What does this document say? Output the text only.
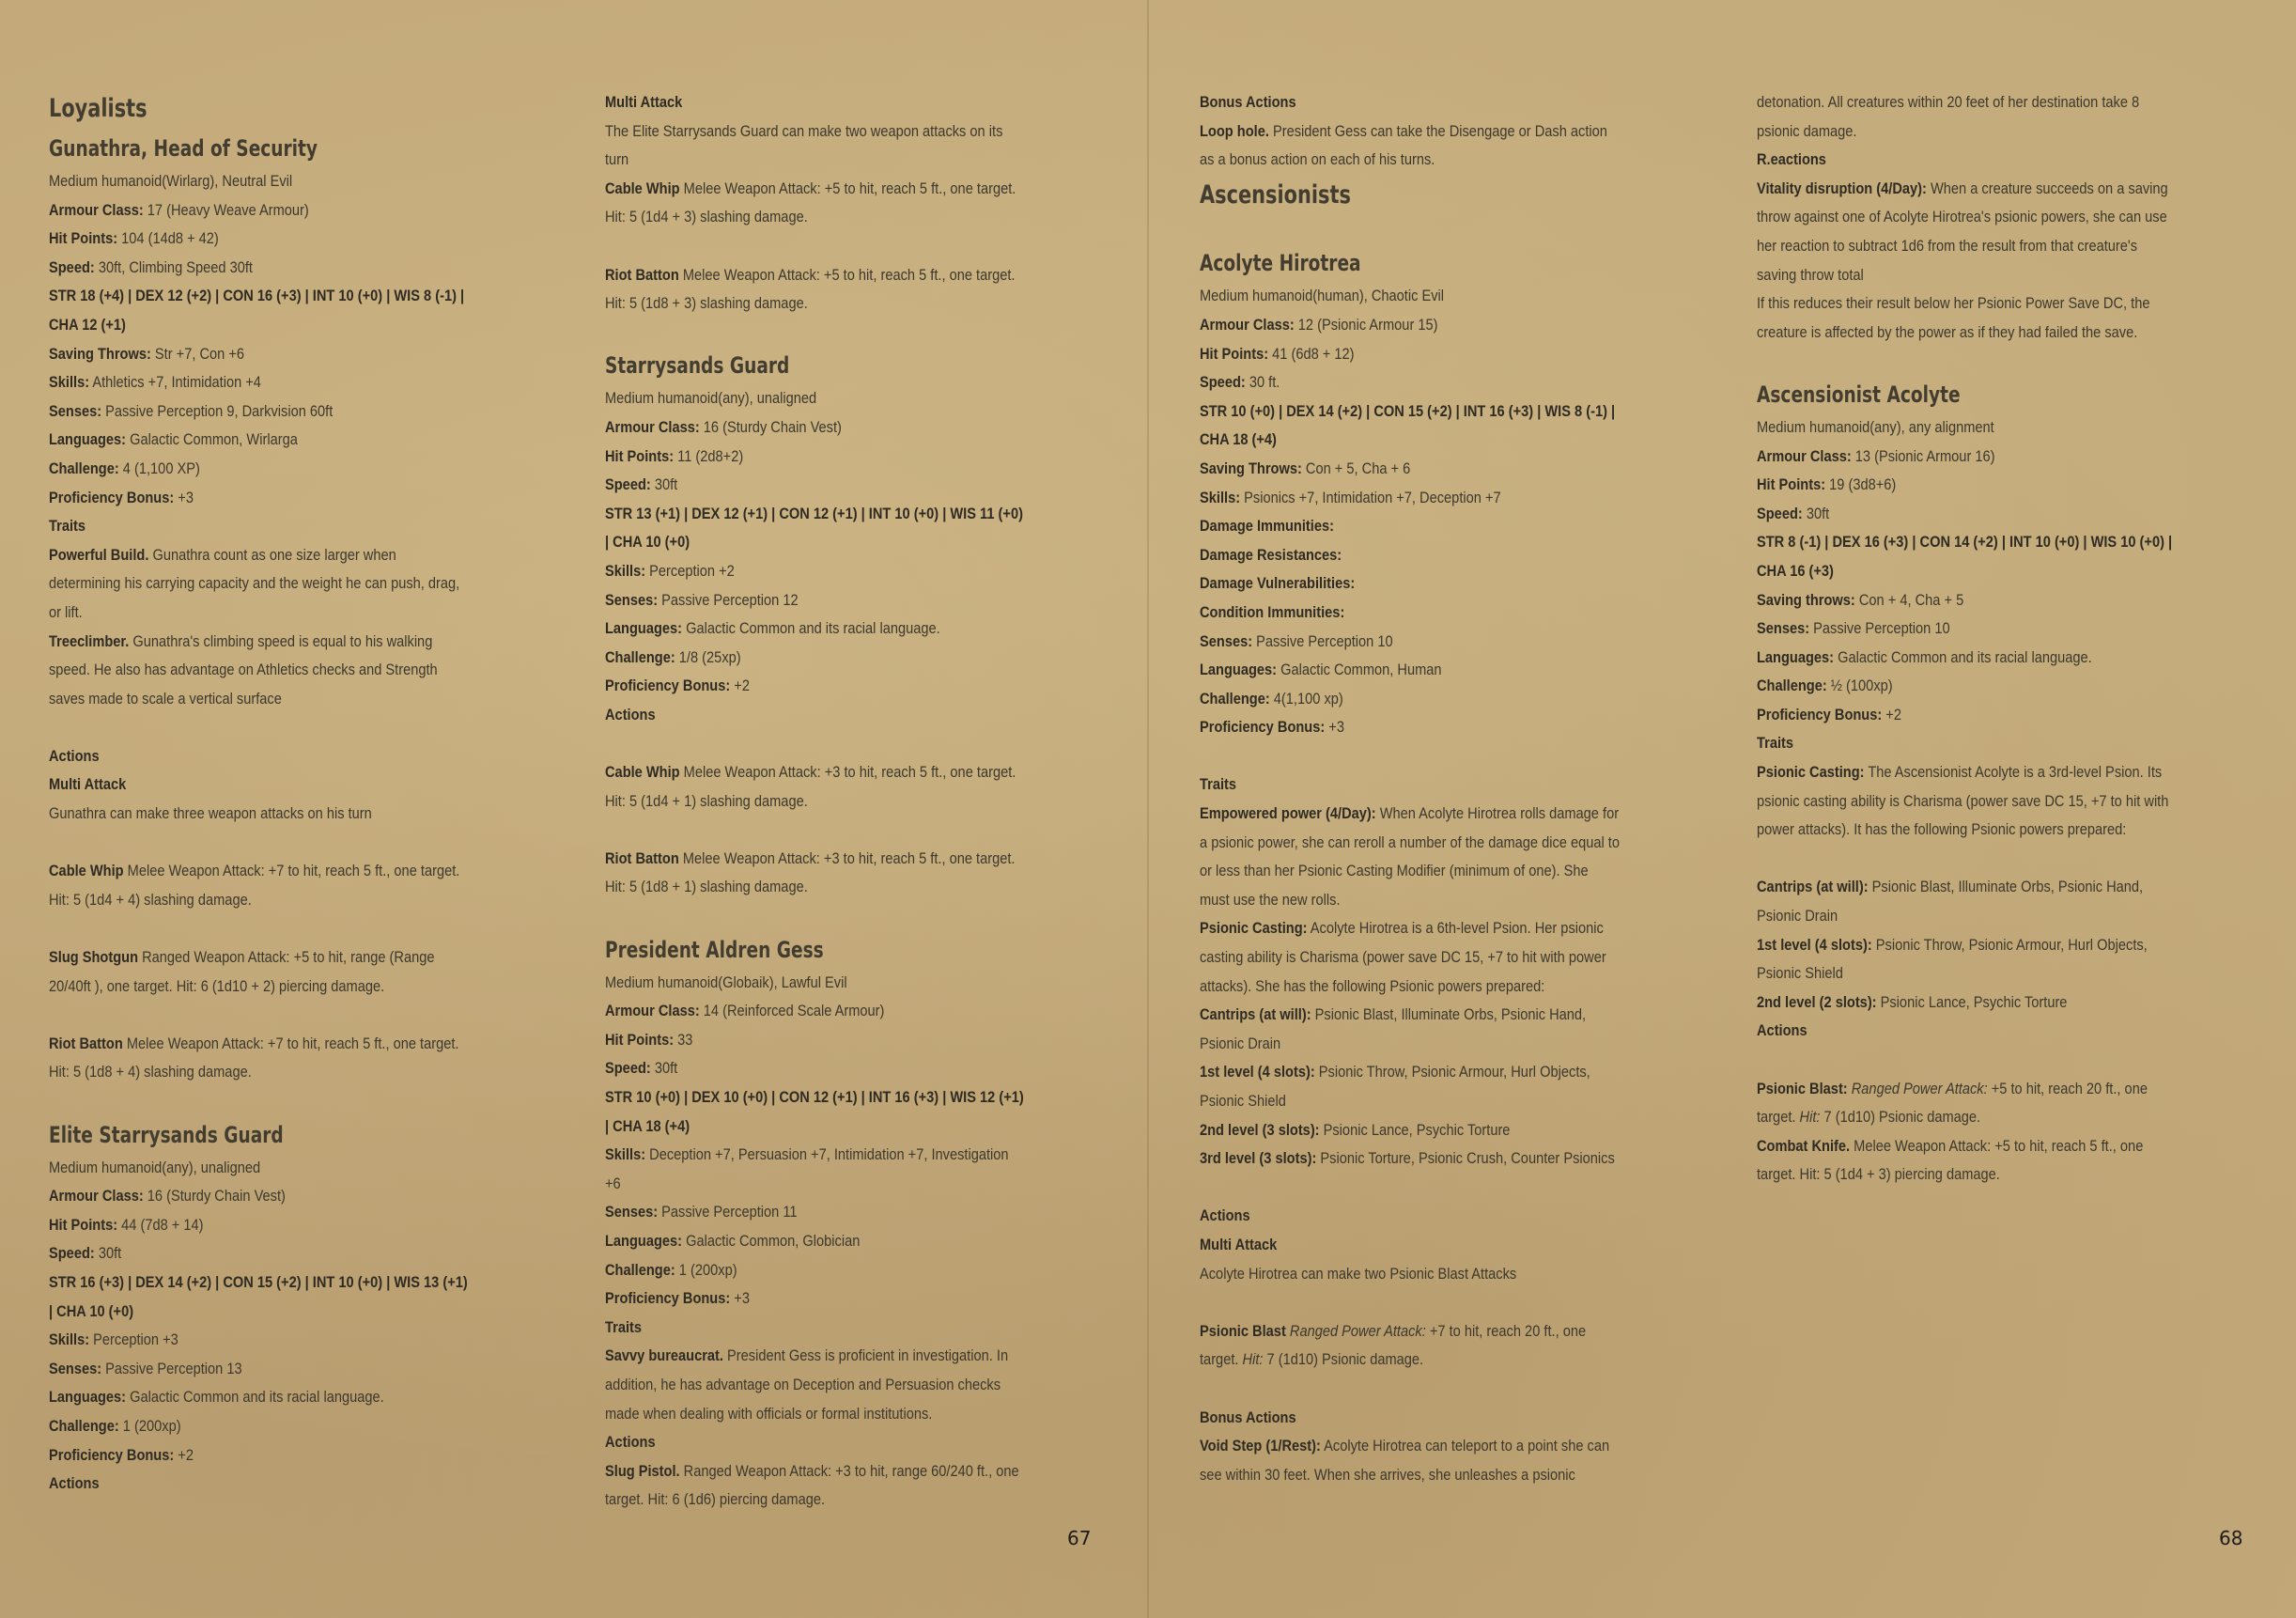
Loyalists
Gunathra, Head of Security
Medium humanoid(Wirlarg), Neutral Evil
Armour Class: 17 (Heavy Weave Armour)
Hit Points: 104 (14d8 + 42)
Speed: 30ft, Climbing Speed 30ft
STR 18 (+4) | DEX 12 (+2) | CON 16 (+3) | INT 10 (+0) | WIS 8 (-1) | CHA 12 (+1)
Saving Throws: Str +7, Con +6
Skills: Athletics +7, Intimidation +4
Senses: Passive Perception 9, Darkvision 60ft
Languages: Galactic Common, Wirlarga
Challenge: 4 (1,100 XP)
Proficiency Bonus: +3
Traits
Powerful Build. Gunathra count as one size larger when determining his carrying capacity and the weight he can push, drag, or lift.
Treeclimber. Gunathra's climbing speed is equal to his walking speed. He also has advantage on Athletics checks and Strength saves made to scale a vertical surface
Actions
Multi Attack
Gunathra can make three weapon attacks on his turn
Cable Whip Melee Weapon Attack: +7 to hit, reach 5 ft., one target. Hit: 5 (1d4 + 4) slashing damage.
Slug Shotgun Ranged Weapon Attack: +5 to hit, range (Range 20/40ft ), one target. Hit: 6 (1d10 + 2) piercing damage.
Riot Batton Melee Weapon Attack: +7 to hit, reach 5 ft., one target. Hit: 5 (1d8 + 4) slashing damage.
Elite Starrysands Guard
Medium humanoid(any), unaligned
Armour Class: 16 (Sturdy Chain Vest)
Hit Points: 44 (7d8 + 14)
Speed: 30ft
STR 16 (+3) | DEX 14 (+2) | CON 15 (+2) | INT 10 (+0) | WIS 13 (+1) | CHA 10 (+0)
Skills: Perception +3
Senses: Passive Perception 13
Languages: Galactic Common and its racial language.
Challenge: 1 (200xp)
Proficiency Bonus: +2
Actions
Multi Attack
The Elite Starrysands Guard can make two weapon attacks on its turn
Cable Whip Melee Weapon Attack: +5 to hit, reach 5 ft., one target. Hit: 5 (1d4 + 3) slashing damage.
Riot Batton Melee Weapon Attack: +5 to hit, reach 5 ft., one target. Hit: 5 (1d8 + 3) slashing damage.
Starrysands Guard
Medium humanoid(any), unaligned
Armour Class: 16 (Sturdy Chain Vest)
Hit Points: 11 (2d8+2)
Speed: 30ft
STR 13 (+1) | DEX 12 (+1) | CON 12 (+1) | INT 10 (+0) | WIS 11 (+0) | CHA 10 (+0)
Skills: Perception +2
Senses: Passive Perception 12
Languages: Galactic Common and its racial language.
Challenge: 1/8 (25xp)
Proficiency Bonus: +2
Actions
Cable Whip Melee Weapon Attack: +3 to hit, reach 5 ft., one target. Hit: 5 (1d4 + 1) slashing damage.
Riot Batton Melee Weapon Attack: +3 to hit, reach 5 ft., one target. Hit: 5 (1d8 + 1) slashing damage.
President Aldren Gess
Medium humanoid(Globaik), Lawful Evil
Armour Class: 14 (Reinforced Scale Armour)
Hit Points: 33
Speed: 30ft
STR 10 (+0) | DEX 10 (+0) | CON 12 (+1) | INT 16 (+3) | WIS 12 (+1) | CHA 18 (+4)
Skills: Deception +7, Persuasion +7, Intimidation +7, Investigation +6
Senses: Passive Perception 11
Languages: Galactic Common, Globician
Challenge: 1 (200xp)
Proficiency Bonus: +3
Traits
Savvy bureaucrat. President Gess is proficient in investigation. In addition, he has advantage on Deception and Persuasion checks made when dealing with officials or formal institutions.
Actions
Slug Pistol. Ranged Weapon Attack: +3 to hit, range 60/240 ft., one target. Hit: 6 (1d6) piercing damage.
Bonus Actions
Loop hole. President Gess can take the Disengage or Dash action as a bonus action on each of his turns.
Ascensionists
Acolyte Hirotrea
Medium humanoid(human), Chaotic Evil
Armour Class: 12 (Psionic Armour 15)
Hit Points: 41 (6d8 + 12)
Speed: 30 ft.
STR 10 (+0) | DEX 14 (+2) | CON 15 (+2) | INT 16 (+3) | WIS 8 (-1) | CHA 18 (+4)
Saving Throws: Con + 5, Cha + 6
Skills: Psionics +7, Intimidation +7, Deception +7
Damage Immunities:
Damage Resistances:
Damage Vulnerabilities:
Condition Immunities:
Senses: Passive Perception 10
Languages: Galactic Common, Human
Challenge: 4(1,100 xp)
Proficiency Bonus: +3
Traits
Empowered power (4/Day): When Acolyte Hirotrea rolls damage for a psionic power, she can reroll a number of the damage dice equal to or less than her Psionic Casting Modifier (minimum of one). She must use the new rolls.
Psionic Casting: Acolyte Hirotrea is a 6th-level Psion. Her psionic casting ability is Charisma (power save DC 15, +7 to hit with power attacks). She has the following Psionic powers prepared:
Cantrips (at will): Psionic Blast, Illuminate Orbs, Psionic Hand, Psionic Drain
1st level (4 slots): Psionic Throw, Psionic Armour, Hurl Objects, Psionic Shield
2nd level (3 slots): Psionic Lance, Psychic Torture
3rd level (3 slots): Psionic Torture, Psionic Crush, Counter Psionics
Actions
Multi Attack
Acolyte Hirotrea can make two Psionic Blast Attacks
Psionic Blast Ranged Power Attack: +7 to hit, reach 20 ft., one target. Hit: 7 (1d10) Psionic damage.
Bonus Actions
Void Step (1/Rest): Acolyte Hirotrea can teleport to a point she can see within 30 feet. When she arrives, she unleashes a psionic
detonation. All creatures within 20 feet of her destination take 8 psionic damage.
R.eactions
Vitality disruption (4/Day): When a creature succeeds on a saving throw against one of Acolyte Hirotrea's psionic powers, she can use her reaction to subtract 1d6 from the result from that creature's saving throw total
If this reduces their result below her Psionic Power Save DC, the creature is affected by the power as if they had failed the save.
Ascensionist Acolyte
Medium humanoid(any), any alignment
Armour Class: 13 (Psionic Armour 16)
Hit Points: 19 (3d8+6)
Speed: 30ft
STR 8 (-1) | DEX 16 (+3) | CON 14 (+2) | INT 10 (+0) | WIS 10 (+0) | CHA 16 (+3)
Saving throws: Con + 4, Cha + 5
Senses: Passive Perception 10
Languages: Galactic Common and its racial language.
Challenge: ½ (100xp)
Proficiency Bonus: +2
Traits
Psionic Casting: The Ascensionist Acolyte is a 3rd-level Psion. Its psionic casting ability is Charisma (power save DC 15, +7 to hit with power attacks). It has the following Psionic powers prepared:
Cantrips (at will): Psionic Blast, Illuminate Orbs, Psionic Hand, Psionic Drain
1st level (4 slots): Psionic Throw, Psionic Armour, Hurl Objects, Psionic Shield
2nd level (2 slots): Psionic Lance, Psychic Torture
Actions
Psionic Blast: Ranged Power Attack: +5 to hit, reach 20 ft., one target. Hit: 7 (1d10) Psionic damage.
Combat Knife. Melee Weapon Attack: +5 to hit, reach 5 ft., one target. Hit: 5 (1d4 + 3) piercing damage.
67	68
